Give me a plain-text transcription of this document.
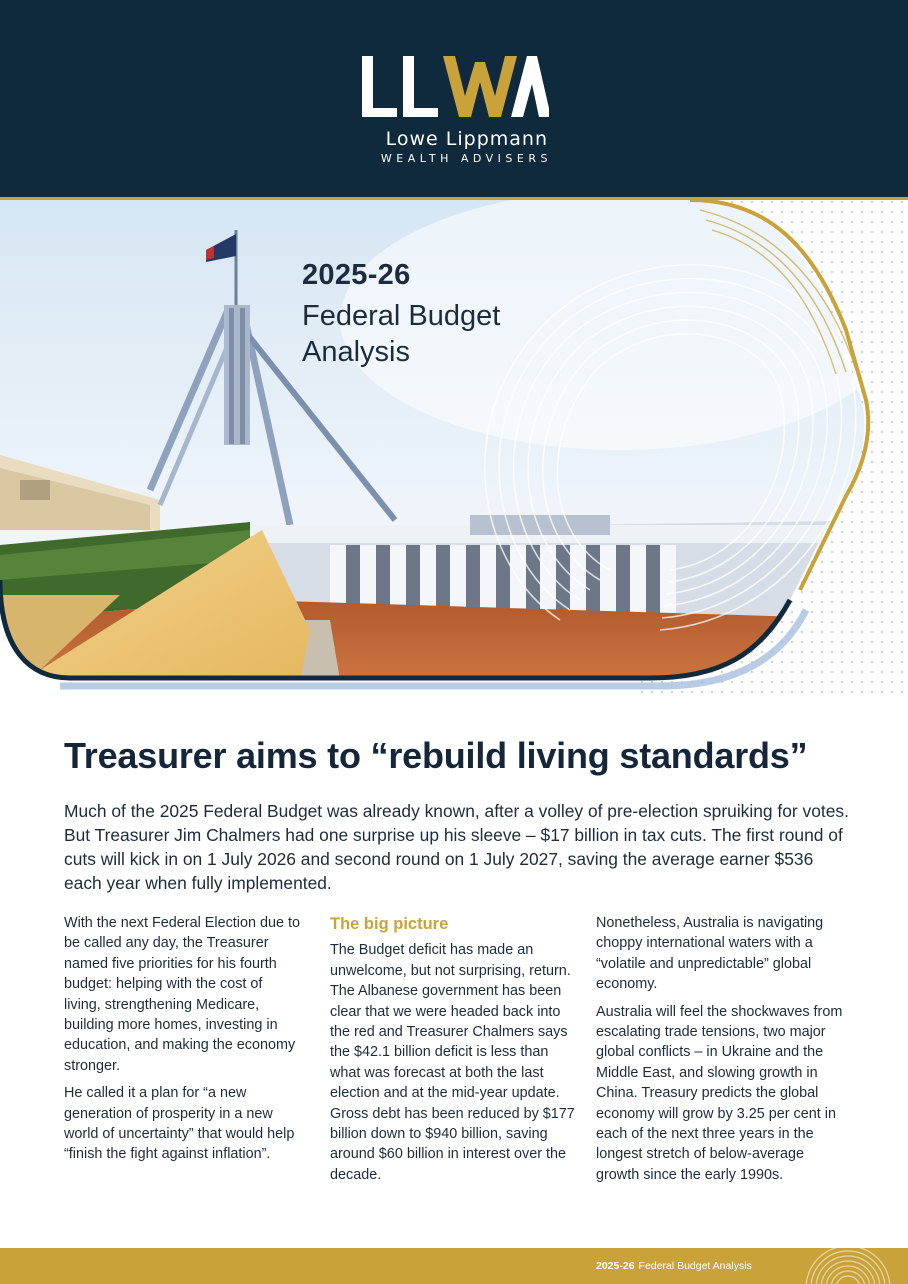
Lowe Lippmann
WEALTH ADVISERS
2025-26
Federal Budget
Analysis
Treasurer aims to “rebuild living standards”

Much of the 2025 Federal Budget was already known, after a volley of pre-election spruiking for votes. But Treasurer Jim Chalmers had one surprise up his sleeve – $17 billion in tax cuts. The first round of cuts will kick in on 1 July 2026 and second round on 1 July 2027, saving the average earner $536 each year when fully implemented.

With the next Federal Election due to be called any day, the Treasurer named five priorities for his fourth budget: helping with the cost of living, strengthening Medicare, building more homes, investing in education, and making the economy stronger.

He called it a plan for “a new generation of prosperity in a new world of uncertainty” that would help “finish the fight against inflation”.

The big picture

The Budget deficit has made an unwelcome, but not surprising, return. The Albanese government has been clear that we were headed back into the red and Treasurer Chalmers says the $42.1 billion deficit is less than what was forecast at both the last election and at the mid-year update. Gross debt has been reduced by $177 billion down to $940 billion, saving around $60 billion in interest over the decade.

Nonetheless, Australia is navigating choppy international waters with a “volatile and unpredictable” global economy.

Australia will feel the shockwaves from escalating trade tensions, two major global conflicts – in Ukraine and the Middle East, and slowing growth in China. Treasury predicts the global economy will grow by 3.25 per cent in each of the next three years in the longest stretch of below-average growth since the early 1990s.

2025-26 Federal Budget Analysis
